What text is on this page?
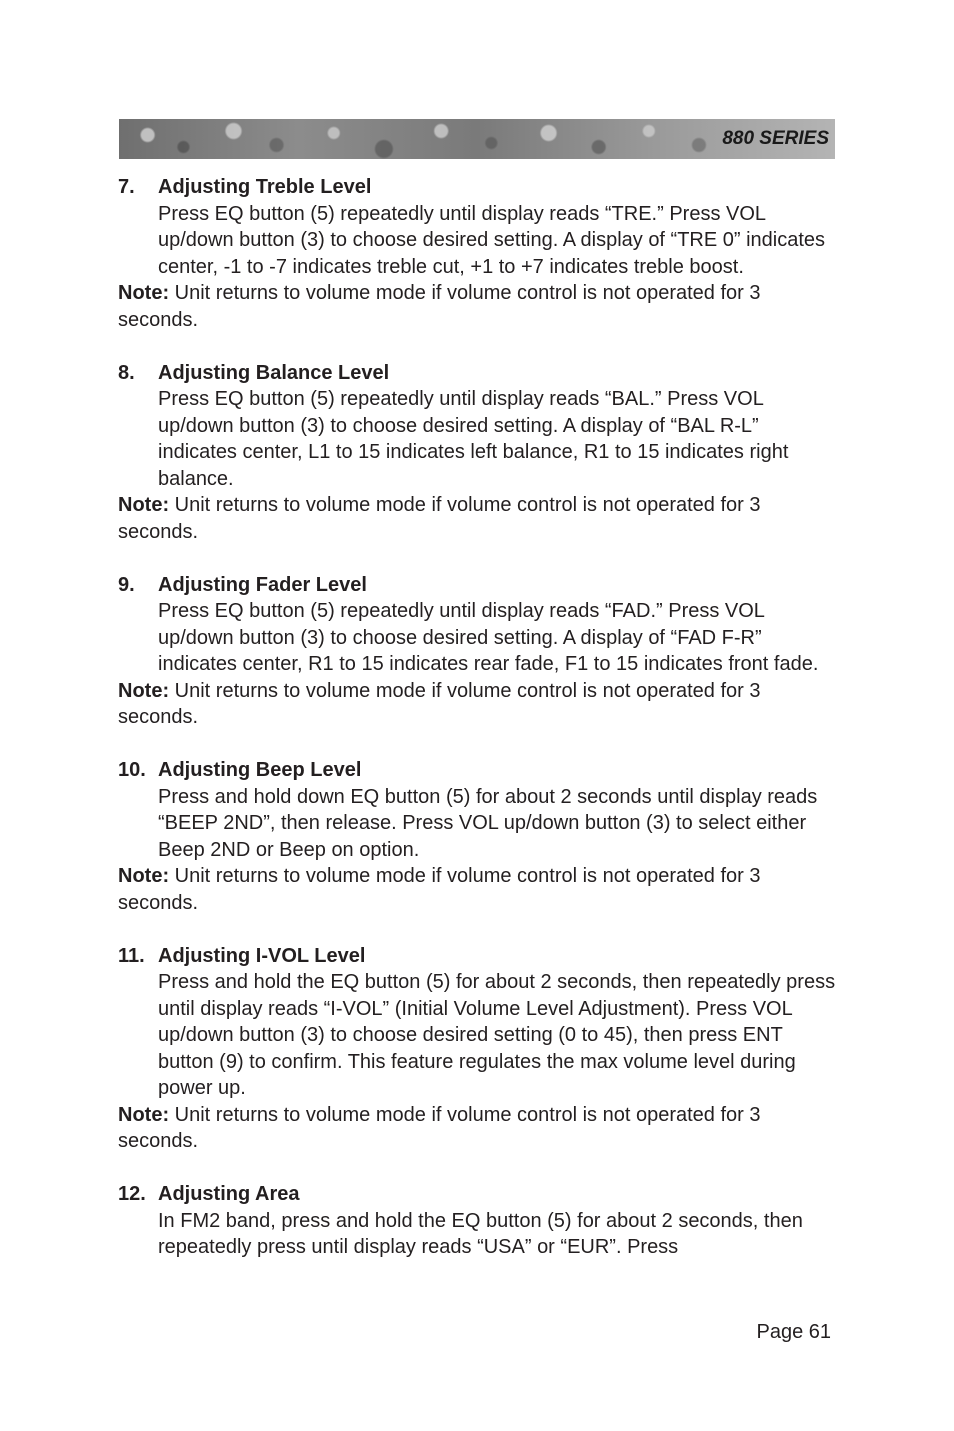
880 SERIES
7.	Adjusting Treble Level
Press EQ button (5) repeatedly until display reads “TRE.” Press VOL up/down button (3) to choose desired setting. A display of “TRE 0” indicates center, -1 to -7 indicates treble cut, +1 to +7 indicates treble boost.
Note: Unit returns to volume mode if volume control is not operated for 3 seconds.
8.	Adjusting Balance Level
Press EQ button (5) repeatedly until display reads “BAL.” Press VOL up/down button (3) to choose desired setting. A display of “BAL R-L” indicates center, L1 to 15 indicates left balance, R1 to 15 indicates right balance.
Note: Unit returns to volume mode if volume control is not operated for 3 seconds.
9.	Adjusting Fader Level
Press EQ button (5) repeatedly until display reads “FAD.” Press VOL up/down button (3) to choose desired setting. A display of “FAD F-R” indicates center, R1 to 15 indicates rear fade, F1 to 15 indicates front fade.
Note: Unit returns to volume mode if volume control is not operated for 3 seconds.
10. Adjusting Beep Level
Press and hold down EQ button (5) for about 2 seconds until display reads “BEEP 2ND”, then release. Press VOL up/down button (3) to select either Beep 2ND or Beep on option.
Note: Unit returns to volume mode if volume control is not operated for 3 seconds.
11. Adjusting I-VOL Level
Press and hold the EQ button (5) for about 2 seconds, then repeatedly press until display reads “I-VOL” (Initial Volume Level Adjustment). Press VOL up/down button (3) to choose desired setting (0 to 45), then press ENT button (9) to confirm. This feature regulates the max volume level during power up.
Note: Unit returns to volume mode if volume control is not operated for 3 seconds.
12. Adjusting Area
In FM2 band, press and hold the EQ button (5) for about 2 seconds, then repeatedly press until display reads “USA” or “EUR”. Press
Page 61
